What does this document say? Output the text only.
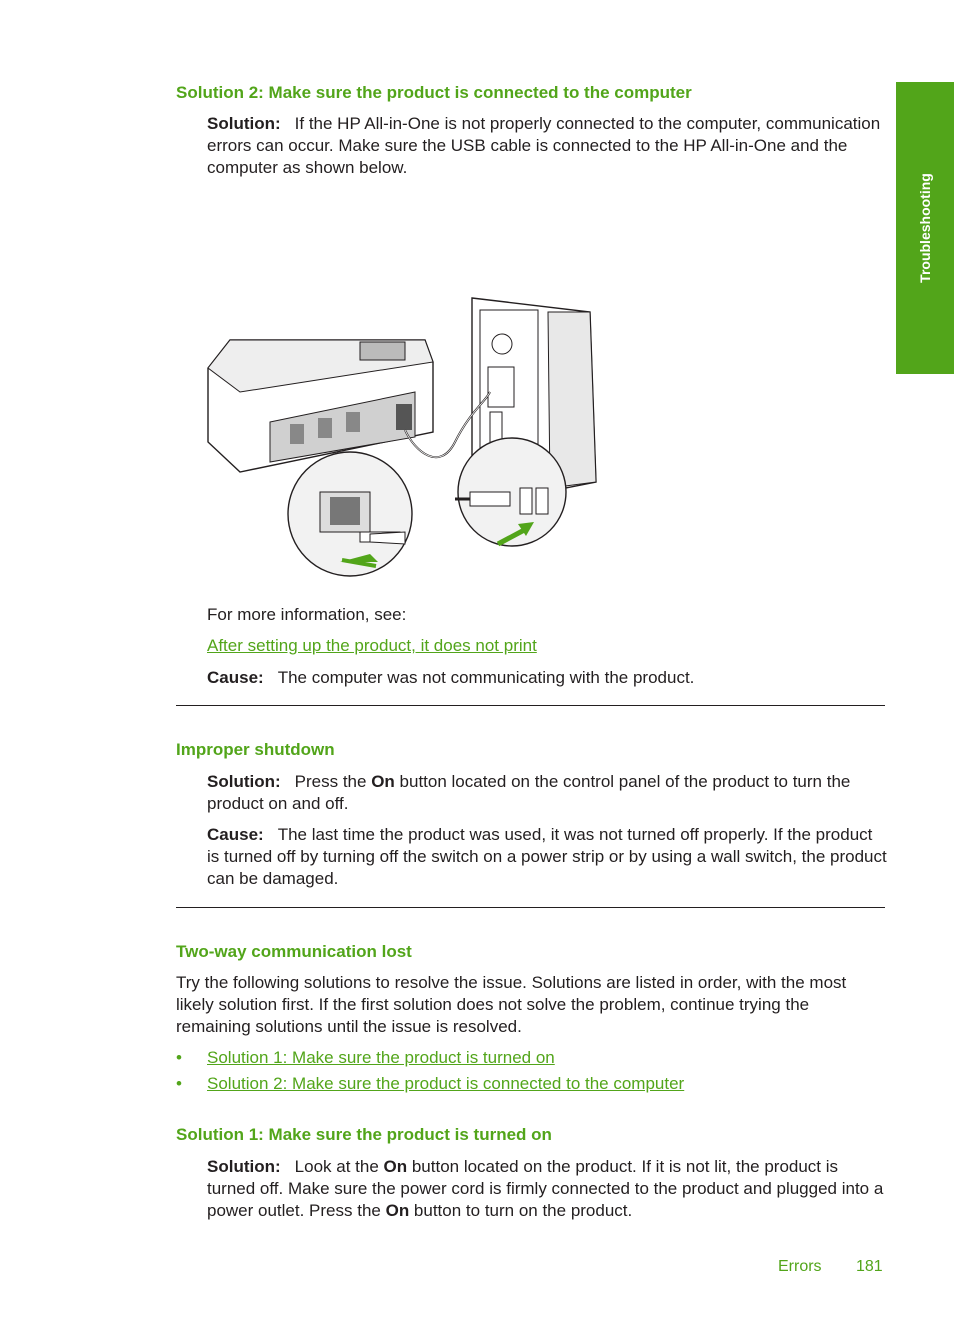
Troubleshooting
Solution 2: Make sure the product is connected to the computer
Solution: If the HP All-in-One is not properly connected to the computer, communication errors can occur. Make sure the USB cable is connected to the HP All-in-One and the computer as shown below.
For more information, see:
After setting up the product, it does not print
Cause: The computer was not communicating with the product.
Improper shutdown
Solution: Press the On button located on the control panel of the product to turn the product on and off.
Cause: The last time the product was used, it was not turned off properly. If the product is turned off by turning off the switch on a power strip or by using a wall switch, the product can be damaged.
Two-way communication lost
Try the following solutions to resolve the issue. Solutions are listed in order, with the most likely solution first. If the first solution does not solve the problem, continue trying the remaining solutions until the issue is resolved.
• Solution 1: Make sure the product is turned on
• Solution 2: Make sure the product is connected to the computer
Solution 1: Make sure the product is turned on
Solution: Look at the On button located on the product. If it is not lit, the product is turned off. Make sure the power cord is firmly connected to the product and plugged into a power outlet. Press the On button to turn on the product.
Errors 181
